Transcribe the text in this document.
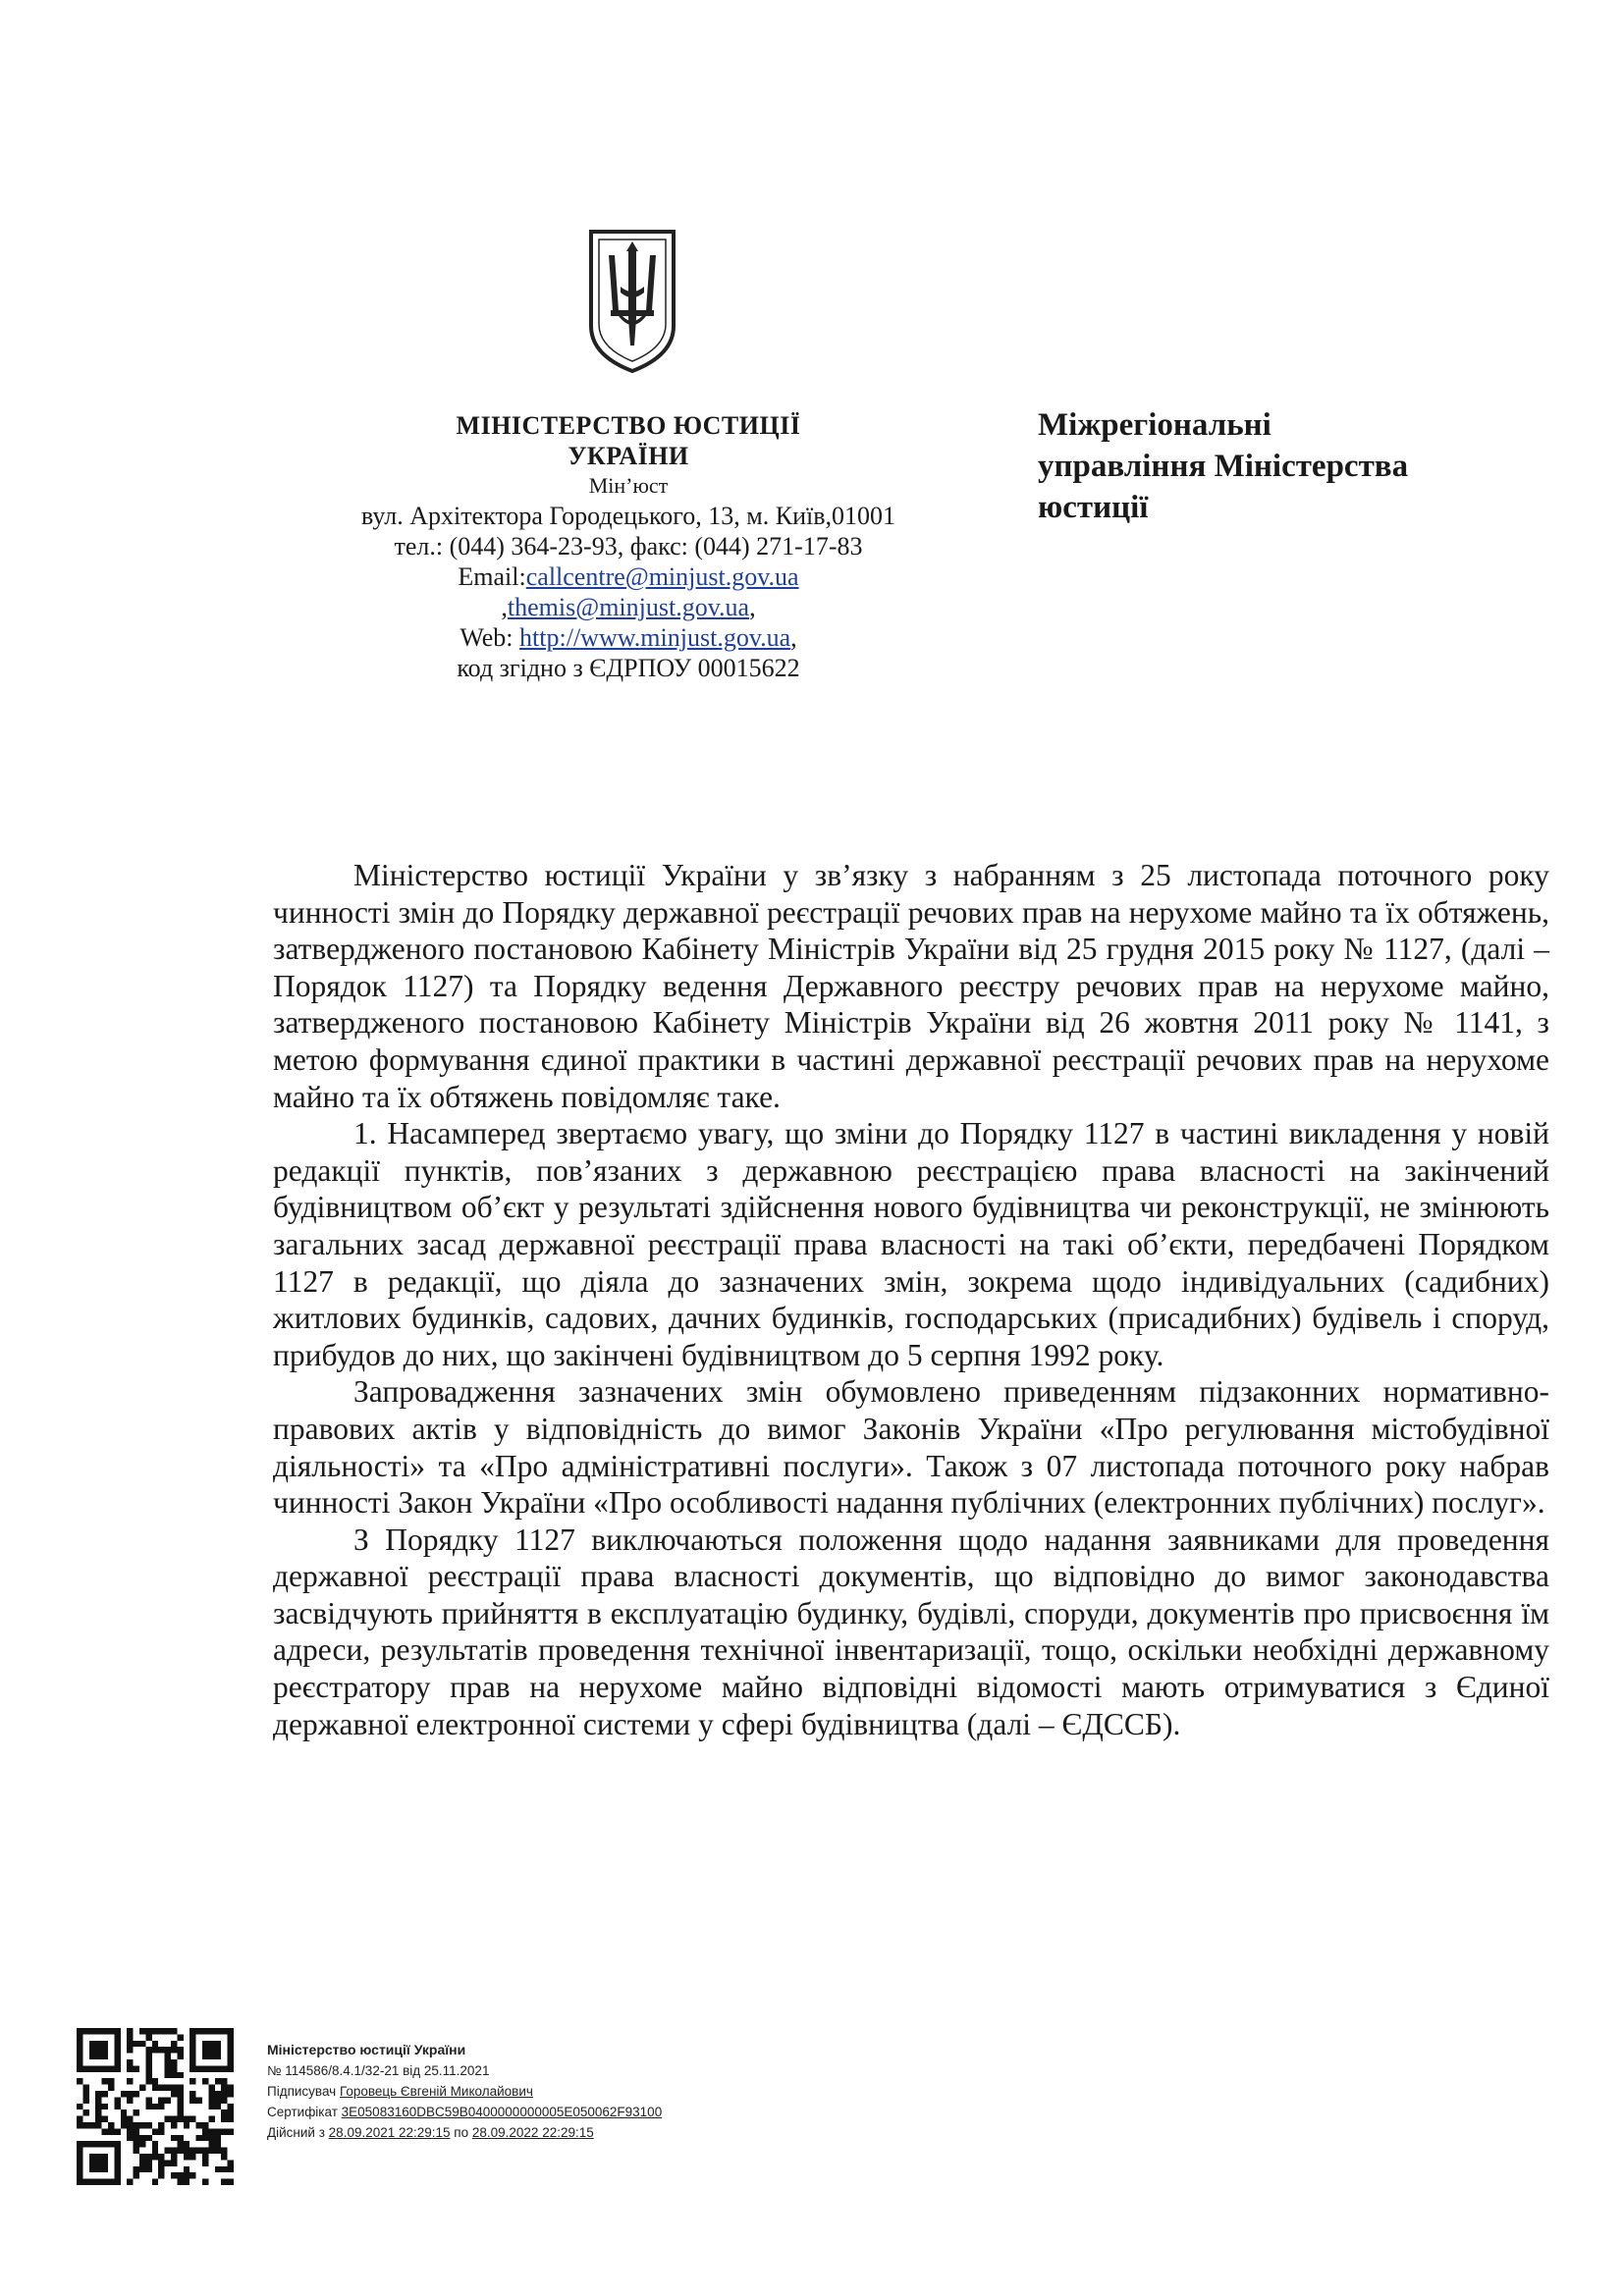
МІНІСТЕРСТВО ЮСТИЦІЇ
УКРАЇНИ
Мін’юст
вул. Архітектора Городецького, 13, м. Київ,01001
тел.: (044) 364-23-93, факс: (044) 271-17-83
Email:callcentre@minjust.gov.ua
,themis@minjust.gov.ua,
Web: http://www.minjust.gov.ua,
код згідно з ЄДРПОУ 00015622
Міжрегіональні
управління Міністерства
юстиції

Міністерство юстиції України у зв’язку з набранням з 25 листопада поточного року чинності змін до Порядку державної реєстрації речових прав на нерухоме майно та їх обтяжень, затвердженого постановою Кабінету Міністрів України від 25 грудня 2015 року № 1127, (далі – Порядок 1127) та Порядку ведення Державного реєстру речових прав на нерухоме майно, затвердженого постановою Кабінету Міністрів України від 26 жовтня 2011 року № 1141, з метою формування єдиної практики в частині державної реєстрації речових прав на нерухоме майно та їх обтяжень повідомляє таке.

1. Насамперед звертаємо увагу, що зміни до Порядку 1127 в частині викладення у новій редакції пунктів, пов’язаних з державною реєстрацією права власності на закінчений будівництвом об’єкт у результаті здійснення нового будівництва чи реконструкції, не змінюють загальних засад державної реєстрації права власності на такі об’єкти, передбачені Порядком 1127 в редакції, що діяла до зазначених змін, зокрема щодо індивідуальних (садибних) житлових будинків, садових, дачних будинків, господарських (присадибних) будівель і споруд, прибудов до них, що закінчені будівництвом до 5 серпня 1992 року.

Запровадження зазначених змін обумовлено приведенням підзаконних нормативно-правових актів у відповідність до вимог Законів України «Про регулювання містобудівної діяльності» та «Про адміністративні послуги». Також з 07 листопада поточного року набрав чинності Закон України «Про особливості надання публічних (електронних публічних) послуг».

З Порядку 1127 виключаються положення щодо надання заявниками для проведення державної реєстрації права власності документів, що відповідно до вимог законодавства засвідчують прийняття в експлуатацію будинку, будівлі, споруди, документів про присвоєння їм адреси, результатів проведення технічної інвентаризації, тощо, оскільки необхідні державному реєстратору прав на нерухоме майно відповідні відомості мають отримуватися з Єдиної державної електронної системи у сфері будівництва (далі – ЄДССБ).

Міністерство юстиції України
№ 114586/8.4.1/32-21 від 25.11.2021
Підписувач Горовець Євгеній Миколайович
Сертифікат 3E05083160DBC59B0400000000005E050062F93100
Дійсний з 28.09.2021 22:29:15 по 28.09.2022 22:29:15
